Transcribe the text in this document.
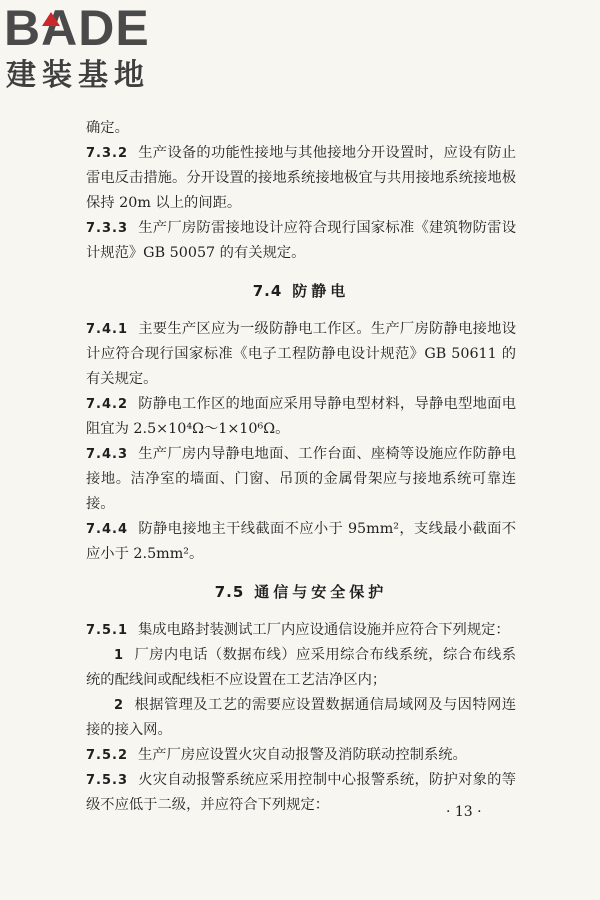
BADE
建装基地

确定。

7.3.2 生产设备的功能性接地与其他接地分开设置时，应设有防止雷电反击措施。分开设置的接地系统接地极宜与共用接地系统接地极保持 20m 以上的间距。

7.3.3 生产厂房防雷接地设计应符合现行国家标准《建筑物防雷设计规范》GB 50057 的有关规定。

7.4 防静电

7.4.1 主要生产区应为一级防静电工作区。生产厂房防静电接地设计应符合现行国家标准《电子工程防静电设计规范》GB 50611 的有关规定。

7.4.2 防静电工作区的地面应采用导静电型材料，导静电型地面电阻宜为 2.5×10⁴Ω～1×10⁶Ω。

7.4.3 生产厂房内导静电地面、工作台面、座椅等设施应作防静电接地。洁净室的墙面、门窗、吊顶的金属骨架应与接地系统可靠连接。

7.4.4 防静电接地主干线截面不应小于 95mm²，支线最小截面不应小于 2.5mm²。

7.5 通信与安全保护

7.5.1 集成电路封装测试工厂内应设通信设施并应符合下列规定：

1 厂房内电话（数据布线）应采用综合布线系统，综合布线系统的配线间或配线柜不应设置在工艺洁净区内；

2 根据管理及工艺的需要应设置数据通信局域网及与因特网连接的接入网。

7.5.2 生产厂房应设置火灾自动报警及消防联动控制系统。

7.5.3 火灾自动报警系统应采用控制中心报警系统，防护对象的等级不应低于二级，并应符合下列规定：	· 13 ·
